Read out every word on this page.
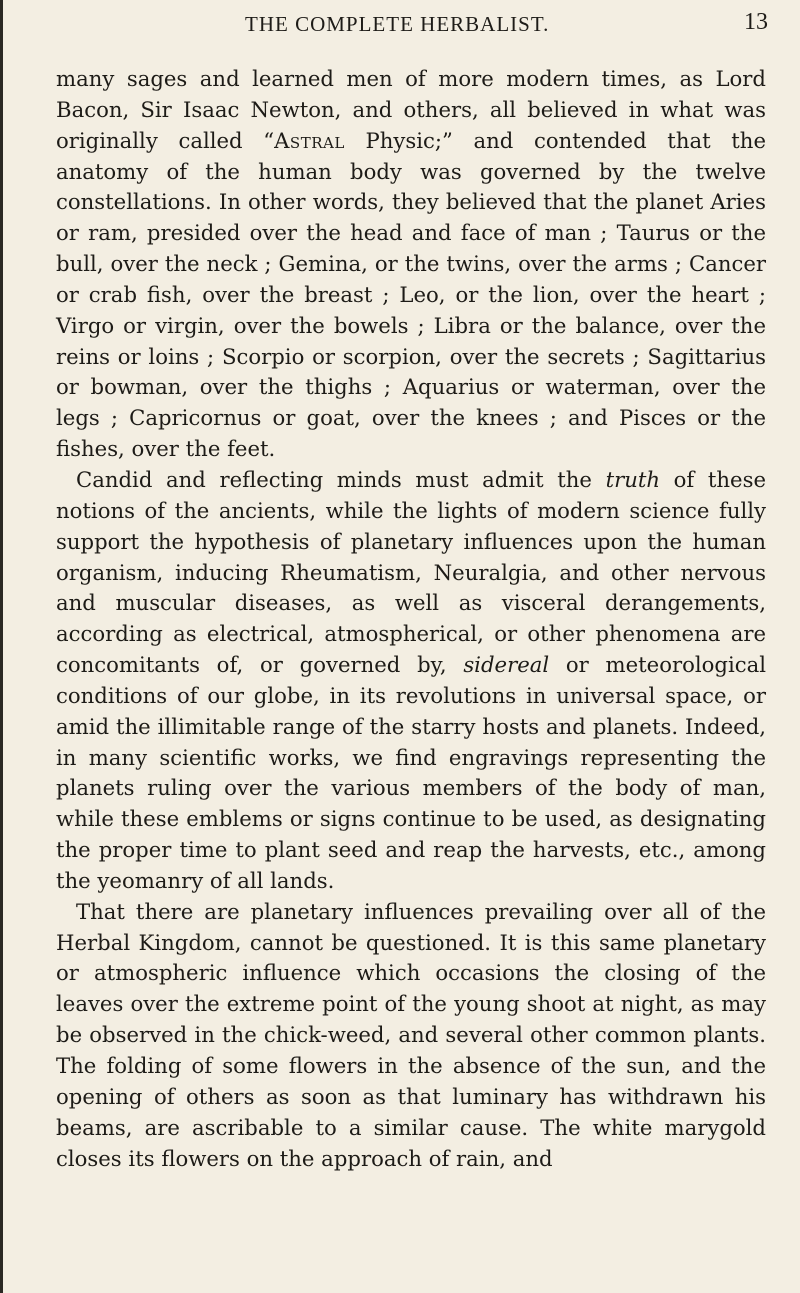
THE COMPLETE HERBALIST.	13

many sages and learned men of more modern times, as Lord Bacon, Sir Isaac Newton, and others, all believed in what was originally called “Astral Physic;” and contended that the anatomy of the human body was governed by the twelve constellations. In other words, they believed that the planet Aries or ram, presided over the head and face of man ; Taurus or the bull, over the neck ; Gemina, or the twins, over the arms ; Cancer or crab fish, over the breast ; Leo, or the lion, over the heart ; Virgo or virgin, over the bowels ; Libra or the balance, over the reins or loins ; Scorpio or scorpion, over the secrets ; Sagittarius or bowman, over the thighs ; Aquarius or waterman, over the legs ; Capricornus or goat, over the knees ; and Pisces or the fishes, over the feet.

Candid and reflecting minds must admit the truth of these notions of the ancients, while the lights of modern science fully support the hypothesis of planetary influences upon the human organism, inducing Rheumatism, Neuralgia, and other nervous and muscular diseases, as well as visceral derangements, according as electrical, atmospherical, or other phenomena are concomitants of, or governed by, sidereal or meteorological conditions of our globe, in its revolutions in universal space, or amid the illimitable range of the starry hosts and planets. Indeed, in many scientific works, we find engravings representing the planets ruling over the various members of the body of man, while these emblems or signs continue to be used, as designating the proper time to plant seed and reap the harvests, etc., among the yeomanry of all lands.

That there are planetary influences prevailing over all of the Herbal Kingdom, cannot be questioned. It is this same planetary or atmospheric influence which occasions the closing of the leaves over the extreme point of the young shoot at night, as may be observed in the chick-weed, and several other common plants. The folding of some flowers in the absence of the sun, and the opening of others as soon as that luminary has withdrawn his beams, are ascribable to a similar cause. The white marygold closes its flowers on the approach of rain, and
